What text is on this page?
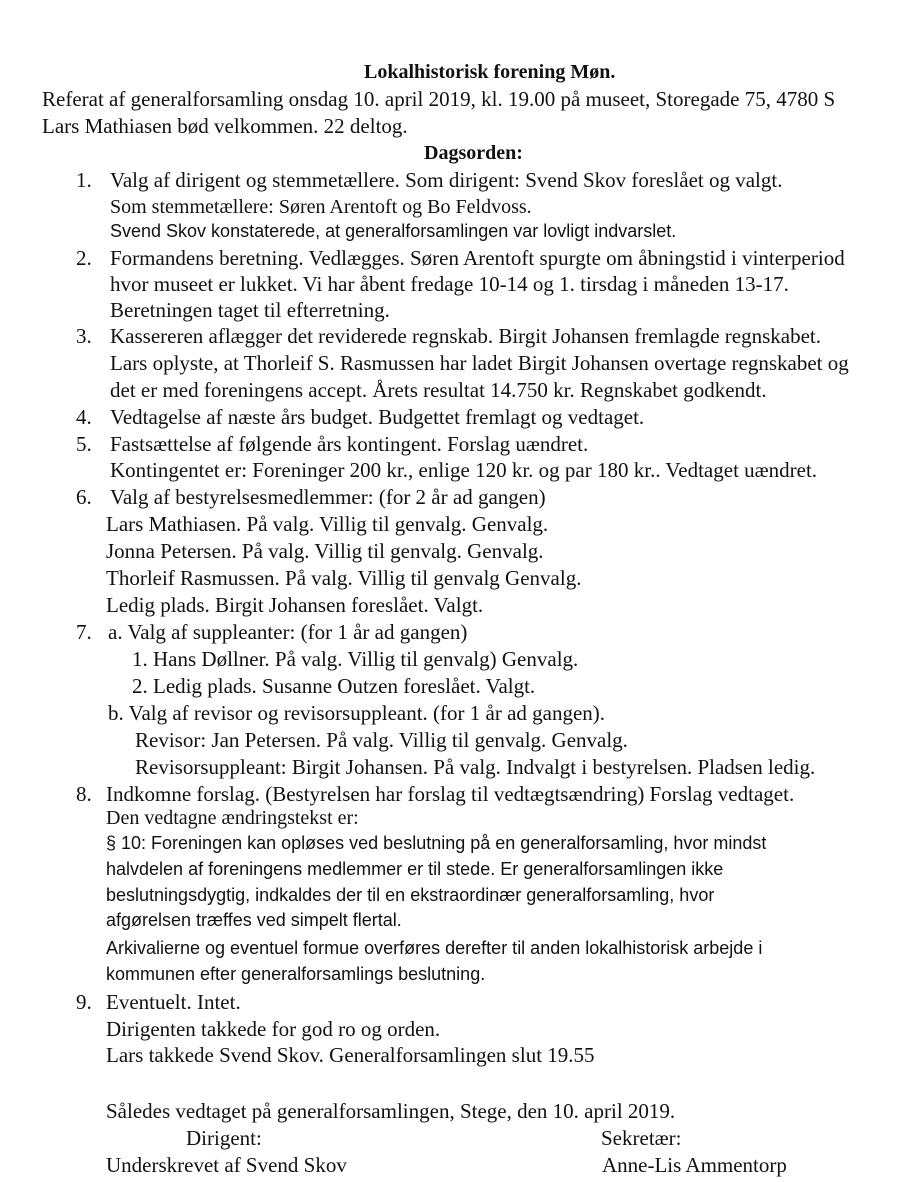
Lokalhistorisk forening Møn.
Referat af generalforsamling onsdag 10. april 2019, kl. 19.00 på museet, Storegade 75, 4780 S
Lars Mathiasen bød velkommen. 22 deltog.
Dagsorden:
1. Valg af dirigent og stemmetællere. Som dirigent: Svend Skov foreslået og valgt.
Som stemmetællere: Søren Arentoft og Bo Feldvoss.
Svend Skov konstaterede, at generalforsamlingen var lovligt indvarslet.
2. Formandens beretning. Vedlægges. Søren Arentoft spurgte om åbningstid i vinterperiod
hvor museet er lukket. Vi har åbent fredage 10-14 og 1. tirsdag i måneden 13-17.
Beretningen taget til efterretning.
3. Kassereren aflægger det reviderede regnskab. Birgit Johansen fremlagde regnskabet.
Lars oplyste, at Thorleif S. Rasmussen har ladet Birgit Johansen overtage regnskabet og
det er med foreningens accept. Årets resultat 14.750 kr. Regnskabet godkendt.
4. Vedtagelse af næste års budget. Budgettet fremlagt og vedtaget.
5. Fastsættelse af følgende års kontingent. Forslag uændret.
Kontingentet er: Foreninger 200 kr., enlige 120 kr. og par 180 kr.. Vedtaget uændret.
6. Valg af bestyrelsesmedlemmer: (for 2 år ad gangen)
Lars Mathiasen. På valg. Villig til genvalg. Genvalg.
Jonna Petersen. På valg. Villig til genvalg. Genvalg.
Thorleif Rasmussen. På valg. Villig til genvalg Genvalg.
Ledig plads. Birgit Johansen foreslået. Valgt.
7. a. Valg af suppleanter: (for 1 år ad gangen)
1. Hans Døllner. På valg. Villig til genvalg) Genvalg.
2. Ledig plads. Susanne Outzen foreslået. Valgt.
b. Valg af revisor og revisorsuppleant. (for 1 år ad gangen).
Revisor: Jan Petersen. På valg. Villig til genvalg. Genvalg.
Revisorsuppleant: Birgit Johansen. På valg. Indvalgt i bestyrelsen. Pladsen ledig.
8. Indkomne forslag. (Bestyrelsen har forslag til vedtægtsændring) Forslag vedtaget.
Den vedtagne ændringstekst er:
§ 10: Foreningen kan opløses ved beslutning på en generalforsamling, hvor mindst
halvdelen af foreningens medlemmer er til stede. Er generalforsamlingen ikke
beslutningsdygtig, indkaldes der til en ekstraordinær generalforsamling, hvor
afgørelsen træffes ved simpelt flertal.
Arkivalierne og eventuel formue overføres derefter til anden lokalhistorisk arbejde i
kommunen efter generalforsamlings beslutning.
9. Eventuelt. Intet.
Dirigenten takkede for god ro og orden.
Lars takkede Svend Skov. Generalforsamlingen slut 19.55
Således vedtaget på generalforsamlingen, Stege, den 10. april 2019.
Dirigent:
Underskrevet af Svend Skov
Sekretær:
Anne-Lis Ammentorp
